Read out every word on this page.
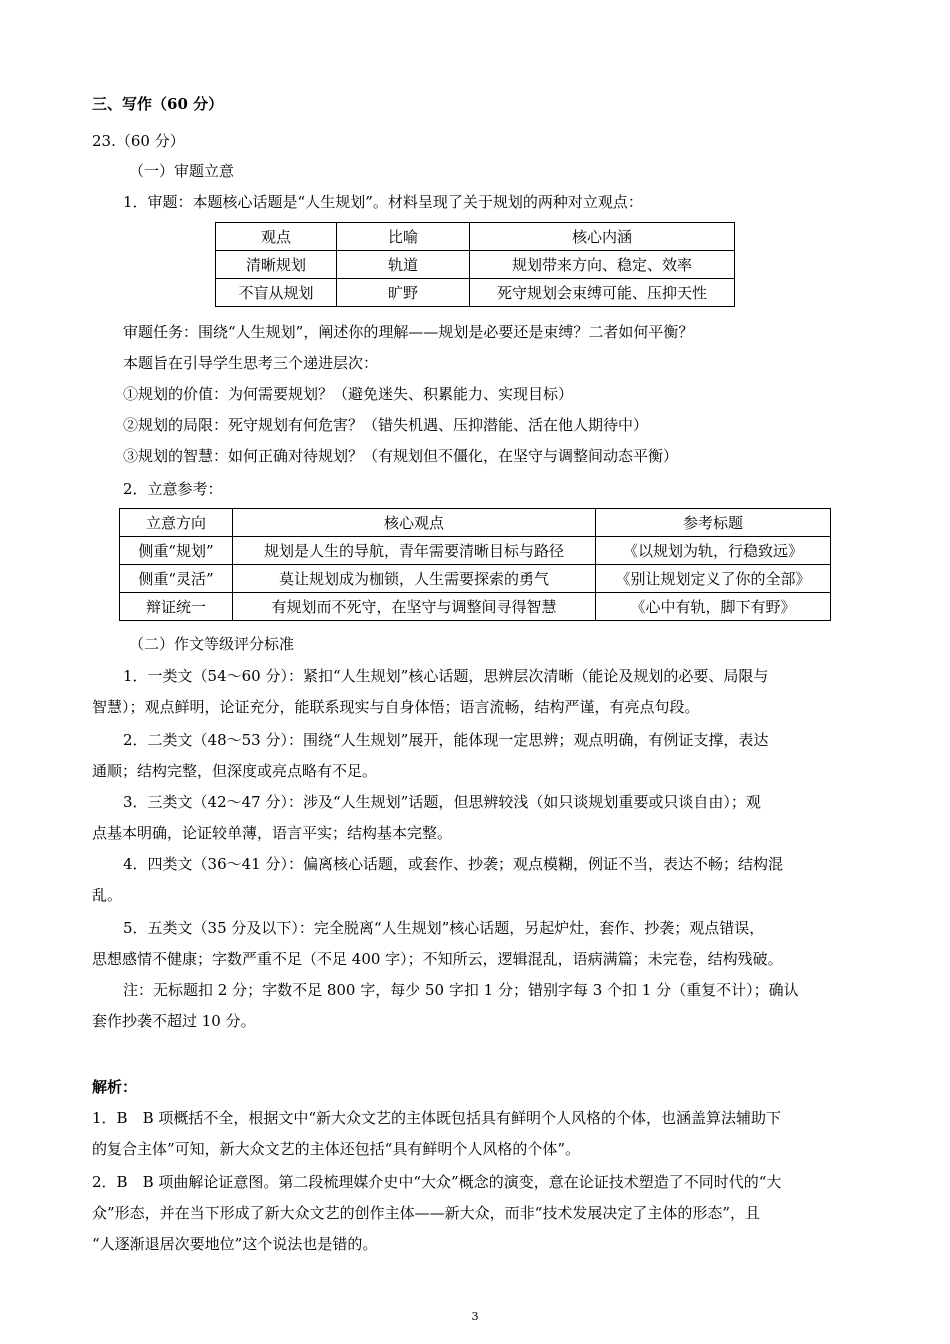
三、写作（60 分）
23.（60 分）
（一）审题立意
1．审题：本题核心话题是“人生规划”。材料呈现了关于规划的两种对立观点：
观点	比喻	核心内涵
清晰规划	轨道	规划带来方向、稳定、效率
不盲从规划	旷野	死守规划会束缚可能、压抑天性
审题任务：围绕“人生规划”，阐述你的理解——规划是必要还是束缚？二者如何平衡？
本题旨在引导学生思考三个递进层次：
①规划的价值：为何需要规划？（避免迷失、积累能力、实现目标）
②规划的局限：死守规划有何危害？（错失机遇、压抑潜能、活在他人期待中）
③规划的智慧：如何正确对待规划？（有规划但不僵化，在坚守与调整间动态平衡）
2．立意参考：
立意方向	核心观点	参考标题
侧重“规划”	规划是人生的导航，青年需要清晰目标与路径	《以规划为轨，行稳致远》
侧重“灵活”	莫让规划成为枷锁，人生需要探索的勇气	《别让规划定义了你的全部》
辩证统一	有规划而不死守，在坚守与调整间寻得智慧	《心中有轨，脚下有野》
（二）作文等级评分标准
1．一类文（54～60 分）：紧扣“人生规划”核心话题，思辨层次清晰（能论及规划的必要、局限与
智慧）；观点鲜明，论证充分，能联系现实与自身体悟；语言流畅，结构严谨，有亮点句段。
2．二类文（48～53 分）：围绕“人生规划”展开，能体现一定思辨；观点明确，有例证支撑，表达
通顺；结构完整，但深度或亮点略有不足。
3．三类文（42～47 分）：涉及“人生规划”话题，但思辨较浅（如只谈规划重要或只谈自由）；观
点基本明确，论证较单薄，语言平实；结构基本完整。
4．四类文（36～41 分）：偏离核心话题，或套作、抄袭；观点模糊，例证不当，表达不畅；结构混
乱。
5．五类文（35 分及以下）：完全脱离“人生规划”核心话题，另起炉灶，套作、抄袭；观点错误，
思想感情不健康；字数严重不足（不足 400 字）；不知所云，逻辑混乱，语病满篇；未完卷，结构残破。
注：无标题扣 2 分；字数不足 800 字，每少 50 字扣 1 分；错别字每 3 个扣 1 分（重复不计）；确认
套作抄袭不超过 10 分。
解析：
1．B　B 项概括不全，根据文中“新大众文艺的主体既包括具有鲜明个人风格的个体，也涵盖算法辅助下
的复合主体”可知，新大众文艺的主体还包括“具有鲜明个人风格的个体”。
2．B　B 项曲解论证意图。第二段梳理媒介史中“大众”概念的演变，意在论证技术塑造了不同时代的“大
众”形态，并在当下形成了新大众文艺的创作主体——新大众，而非“技术发展决定了主体的形态”，且
“人逐渐退居次要地位”这个说法也是错的。
3
